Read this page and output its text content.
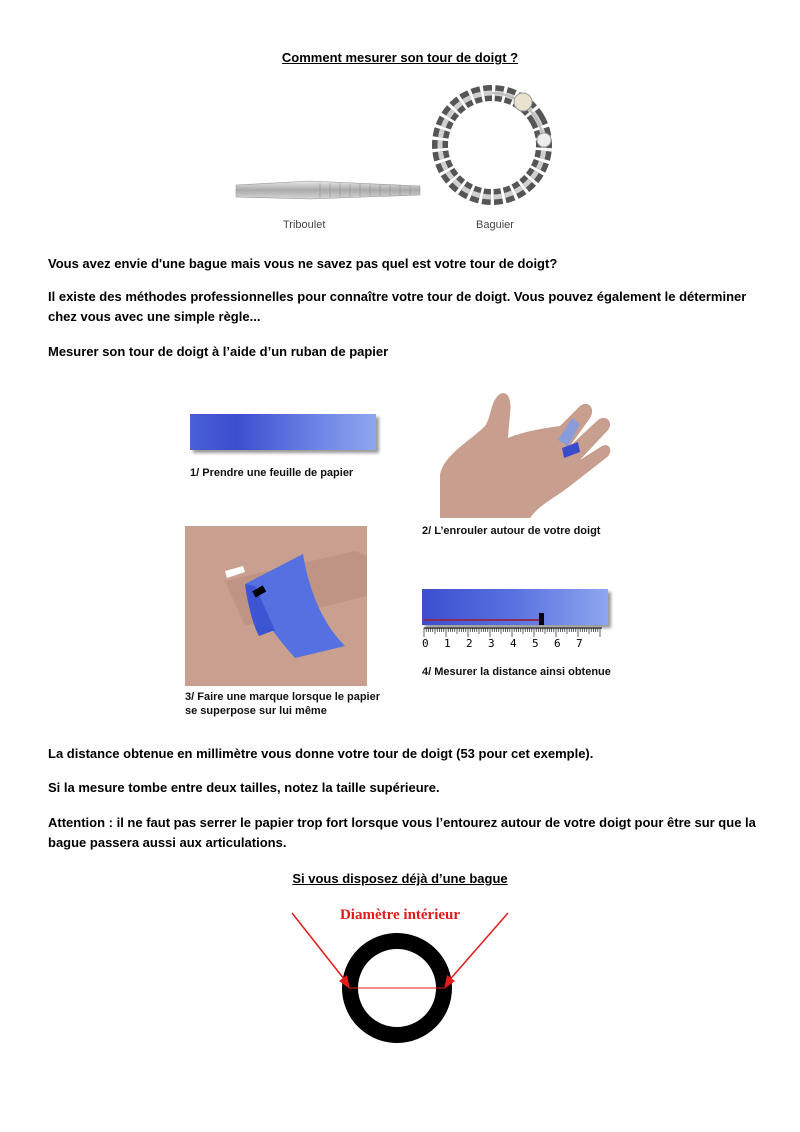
Comment mesurer son tour de doigt ?
Triboulet	Baguier
Vous avez envie d'une bague mais vous ne savez pas quel est votre tour de doigt?
Il existe des méthodes professionnelles pour connaître votre tour de doigt. Vous pouvez également le déterminer
chez vous avec une simple règle...
Mesurer son tour de doigt à l’aide d’un ruban de papier
1/ Prendre une feuille de papier
2/ L’enrouler autour de votre doigt
3/ Faire une marque lorsque le papier
se superpose sur lui même
0 1 2 3 4 5 6 7
4/ Mesurer la distance ainsi obtenue
La distance obtenue en millimètre vous donne votre tour de doigt (53 pour cet exemple).
Si la mesure tombe entre deux tailles, notez la taille supérieure.
Attention : il ne faut pas serrer le papier trop fort lorsque vous l’entourez autour de votre doigt pour être sur que la
bague passera aussi aux articulations.
Si vous disposez déjà d’une bague
Diamètre intérieur
